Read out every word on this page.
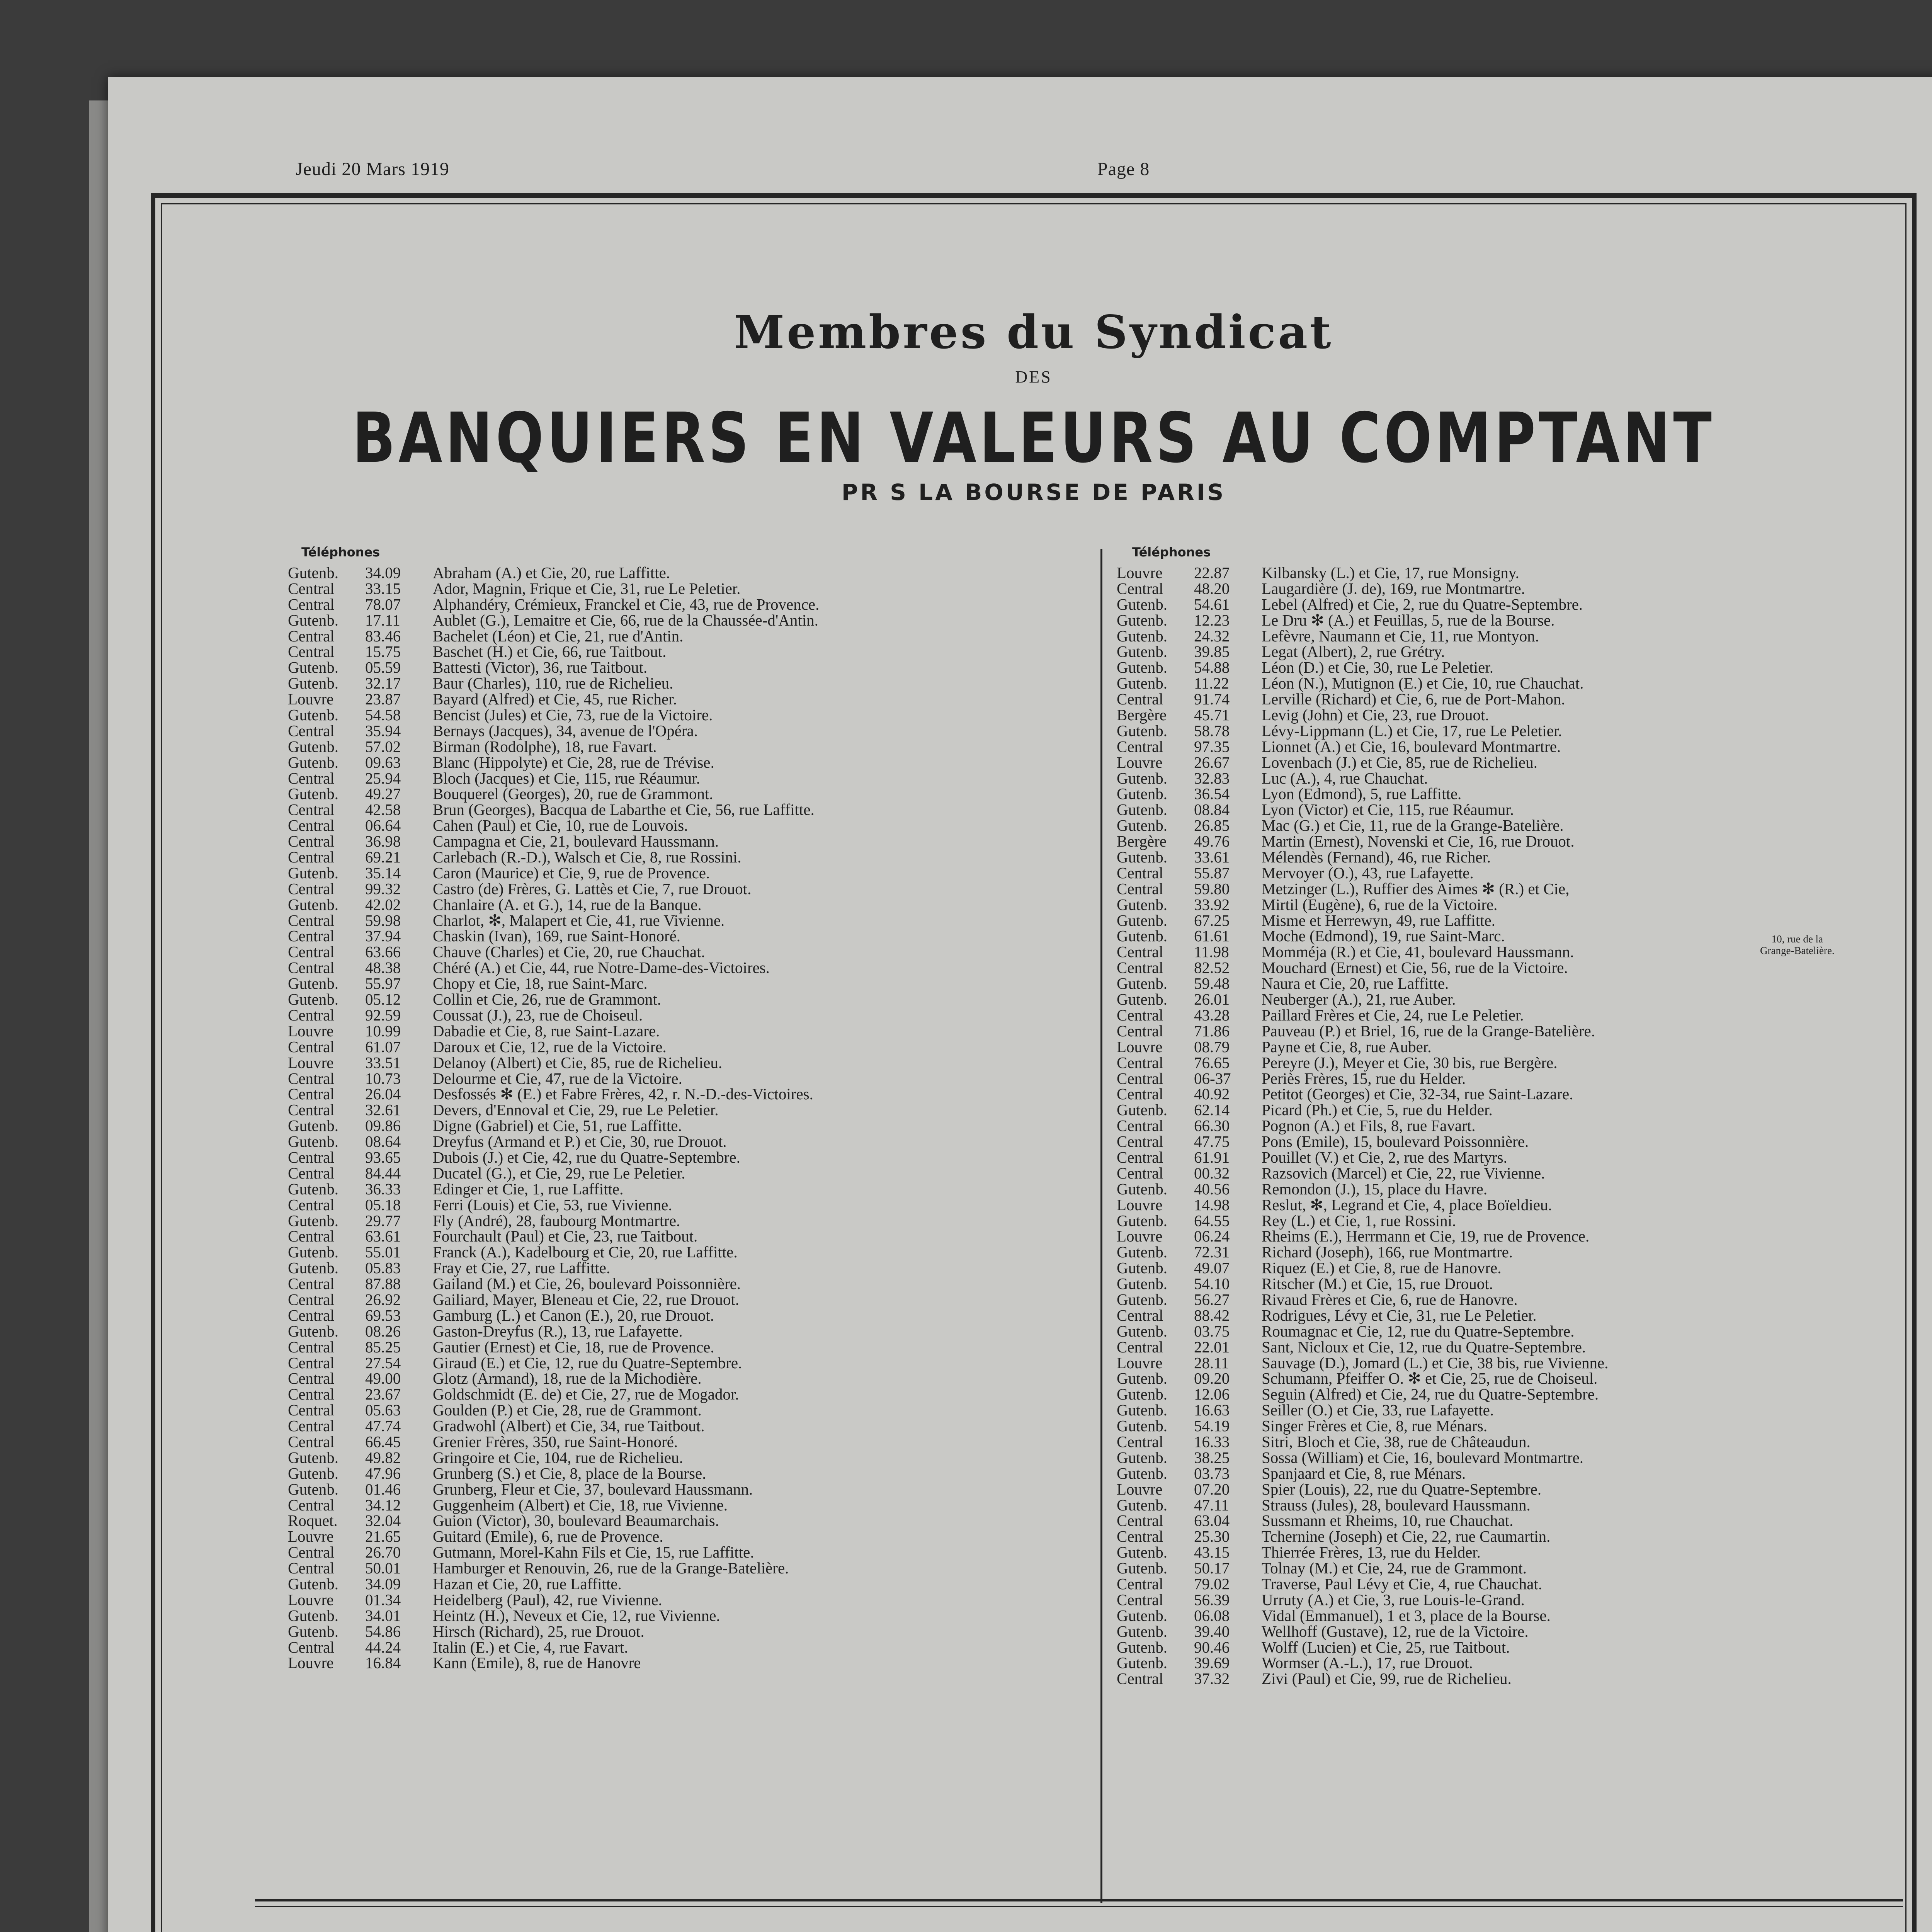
Jeudi 20 Mars 1919	Page 8
Membres du Syndicat
DES
BANQUIERS EN VALEURS AU COMPTANT
PR S LA BOURSE DE PARIS
Téléphones	Téléphones
Gutenb.	34.09	Abraham (A.) et Cie, 20, rue Laffitte.
Central	33.15	Ador, Magnin, Frique et Cie, 31, rue Le Peletier.
Central	78.07	Alphandéry, Crémieux, Franckel et Cie, 43, rue de Provence.
Gutenb.	17.11	Aublet (G.), Lemaitre et Cie, 66, rue de la Chaussée-d'Antin.
Central	83.46	Bachelet (Léon) et Cie, 21, rue d'Antin.
Central	15.75	Baschet (H.) et Cie, 66, rue Taitbout.
Gutenb.	05.59	Battesti (Victor), 36, rue Taitbout.
Gutenb.	32.17	Baur (Charles), 110, rue de Richelieu.
Louvre	23.87	Bayard (Alfred) et Cie, 45, rue Richer.
Gutenb.	54.58	Bencist (Jules) et Cie, 73, rue de la Victoire.
Central	35.94	Bernays (Jacques), 34, avenue de l'Opéra.
Gutenb.	57.02	Birman (Rodolphe), 18, rue Favart.
Gutenb.	09.63	Blanc (Hippolyte) et Cie, 28, rue de Trévise.
Central	25.94	Bloch (Jacques) et Cie, 115, rue Réaumur.
Gutenb.	49.27	Bouquerel (Georges), 20, rue de Grammont.
Central	42.58	Brun (Georges), Bacqua de Labarthe et Cie, 56, rue Laffitte.
Central	06.64	Cahen (Paul) et Cie, 10, rue de Louvois.
Central	36.98	Campagna et Cie, 21, boulevard Haussmann.
Central	69.21	Carlebach (R.-D.), Walsch et Cie, 8, rue Rossini.
Gutenb.	35.14	Caron (Maurice) et Cie, 9, rue de Provence.
Central	99.32	Castro (de) Frères, G. Lattès et Cie, 7, rue Drouot.
Gutenb.	42.02	Chanlaire (A. et G.), 14, rue de la Banque.
Central	59.98	Charlot, ✻, Malapert et Cie, 41, rue Vivienne.
Central	37.94	Chaskin (Ivan), 169, rue Saint-Honoré.
Central	63.66	Chauve (Charles) et Cie, 20, rue Chauchat.
Central	48.38	Chéré (A.) et Cie, 44, rue Notre-Dame-des-Victoires.
Gutenb.	55.97	Chopy et Cie, 18, rue Saint-Marc.
Gutenb.	05.12	Collin et Cie, 26, rue de Grammont.
Central	92.59	Coussat (J.), 23, rue de Choiseul.
Louvre	10.99	Dabadie et Cie, 8, rue Saint-Lazare.
Central	61.07	Daroux et Cie, 12, rue de la Victoire.
Louvre	33.51	Delanoy (Albert) et Cie, 85, rue de Richelieu.
Central	10.73	Delourme et Cie, 47, rue de la Victoire.
Central	26.04	Desfossés ✻ (E.) et Fabre Frères, 42, r. N.-D.-des-Victoires.
Central	32.61	Devers, d'Ennoval et Cie, 29, rue Le Peletier.
Gutenb.	09.86	Digne (Gabriel) et Cie, 51, rue Laffitte.
Gutenb.	08.64	Dreyfus (Armand et P.) et Cie, 30, rue Drouot.
Central	93.65	Dubois (J.) et Cie, 42, rue du Quatre-Septembre.
Central	84.44	Ducatel (G.), et Cie, 29, rue Le Peletier.
Gutenb.	36.33	Edinger et Cie, 1, rue Laffitte.
Central	05.18	Ferri (Louis) et Cie, 53, rue Vivienne.
Gutenb.	29.77	Fly (André), 28, faubourg Montmartre.
Central	63.61	Fourchault (Paul) et Cie, 23, rue Taitbout.
Gutenb.	55.01	Franck (A.), Kadelbourg et Cie, 20, rue Laffitte.
Gutenb.	05.83	Fray et Cie, 27, rue Laffitte.
Central	87.88	Gailand (M.) et Cie, 26, boulevard Poissonnière.
Central	26.92	Gailiard, Mayer, Bleneau et Cie, 22, rue Drouot.
Central	69.53	Gamburg (L.) et Canon (E.), 20, rue Drouot.
Gutenb.	08.26	Gaston-Dreyfus (R.), 13, rue Lafayette.
Central	85.25	Gautier (Ernest) et Cie, 18, rue de Provence.
Central	27.54	Giraud (E.) et Cie, 12, rue du Quatre-Septembre.
Central	49.00	Glotz (Armand), 18, rue de la Michodière.
Central	23.67	Goldschmidt (E. de) et Cie, 27, rue de Mogador.
Central	05.63	Goulden (P.) et Cie, 28, rue de Grammont.
Central	47.74	Gradwohl (Albert) et Cie, 34, rue Taitbout.
Central	66.45	Grenier Frères, 350, rue Saint-Honoré.
Gutenb.	49.82	Gringoire et Cie, 104, rue de Richelieu.
Gutenb.	47.96	Grunberg (S.) et Cie, 8, place de la Bourse.
Gutenb.	01.46	Grunberg, Fleur et Cie, 37, boulevard Haussmann.
Central	34.12	Guggenheim (Albert) et Cie, 18, rue Vivienne.
Roquet.	32.04	Guion (Victor), 30, boulevard Beaumarchais.
Louvre	21.65	Guitard (Emile), 6, rue de Provence.
Central	26.70	Gutmann, Morel-Kahn Fils et Cie, 15, rue Laffitte.
Central	50.01	Hamburger et Renouvin, 26, rue de la Grange-Batelière.
Gutenb.	34.09	Hazan et Cie, 20, rue Laffitte.
Louvre	01.34	Heidelberg (Paul), 42, rue Vivienne.
Gutenb.	34.01	Heintz (H.), Neveux et Cie, 12, rue Vivienne.
Gutenb.	54.86	Hirsch (Richard), 25, rue Drouot.
Central	44.24	Italin (E.) et Cie, 4, rue Favart.
Louvre	16.84	Kann (Emile), 8, rue de Hanovre
Louvre	22.87	Kilbansky (L.) et Cie, 17, rue Monsigny.
Central	48.20	Laugardière (J. de), 169, rue Montmartre.
Gutenb.	54.61	Lebel (Alfred) et Cie, 2, rue du Quatre-Septembre.
Gutenb.	12.23	Le Dru ✻ (A.) et Feuillas, 5, rue de la Bourse.
Gutenb.	24.32	Lefèvre, Naumann et Cie, 11, rue Montyon.
Gutenb.	39.85	Legat (Albert), 2, rue Grétry.
Gutenb.	54.88	Léon (D.) et Cie, 30, rue Le Peletier.
Gutenb.	11.22	Léon (N.), Mutignon (E.) et Cie, 10, rue Chauchat.
Central	91.74	Lerville (Richard) et Cie, 6, rue de Port-Mahon.
Bergère	45.71	Levig (John) et Cie, 23, rue Drouot.
Gutenb.	58.78	Lévy-Lippmann (L.) et Cie, 17, rue Le Peletier.
Central	97.35	Lionnet (A.) et Cie, 16, boulevard Montmartre.
Louvre	26.67	Lovenbach (J.) et Cie, 85, rue de Richelieu.
Gutenb.	32.83	Luc (A.), 4, rue Chauchat.
Gutenb.	36.54	Lyon (Edmond), 5, rue Laffitte.
Gutenb.	08.84	Lyon (Victor) et Cie, 115, rue Réaumur.
Gutenb.	26.85	Mac (G.) et Cie, 11, rue de la Grange-Batelière.
Bergère	49.76	Martin (Ernest), Novenski et Cie, 16, rue Drouot.
Gutenb.	33.61	Mélendès (Fernand), 46, rue Richer.
Central	55.87	Mervoyer (O.), 43, rue Lafayette.
Central	59.80	Metzinger (L.), Ruffier des Aimes ✻ (R.) et Cie,
Gutenb.	33.92	Mirtil (Eugène), 6, rue de la Victoire.
Gutenb.	67.25	Misme et Herrewyn, 49, rue Laffitte.
Gutenb.	61.61	Moche (Edmond), 19, rue Saint-Marc.
Central	11.98	Momméja (R.) et Cie, 41, boulevard Haussmann.
Central	82.52	Mouchard (Ernest) et Cie, 56, rue de la Victoire.
Gutenb.	59.48	Naura et Cie, 20, rue Laffitte.
Gutenb.	26.01	Neuberger (A.), 21, rue Auber.
Central	43.28	Paillard Frères et Cie, 24, rue Le Peletier.
Central	71.86	Pauveau (P.) et Briel, 16, rue de la Grange-Batelière.
Louvre	08.79	Payne et Cie, 8, rue Auber.
Central	76.65	Pereyre (J.), Meyer et Cie, 30 bis, rue Bergère.
Central	06-37	Periès Frères, 15, rue du Helder.
Central	40.92	Petitot (Georges) et Cie, 32-34, rue Saint-Lazare.
Gutenb.	62.14	Picard (Ph.) et Cie, 5, rue du Helder.
Central	66.30	Pognon (A.) et Fils, 8, rue Favart.
Central	47.75	Pons (Emile), 15, boulevard Poissonnière.
Central	61.91	Pouillet (V.) et Cie, 2, rue des Martyrs.
Central	00.32	Razsovich (Marcel) et Cie, 22, rue Vivienne.
Gutenb.	40.56	Remondon (J.), 15, place du Havre.
Louvre	14.98	Reslut, ✻, Legrand et Cie, 4, place Boïeldieu.
Gutenb.	64.55	Rey (L.) et Cie, 1, rue Rossini.
Louvre	06.24	Rheims (E.), Herrmann et Cie, 19, rue de Provence.
Gutenb.	72.31	Richard (Joseph), 166, rue Montmartre.
Gutenb.	49.07	Riquez (E.) et Cie, 8, rue de Hanovre.
Gutenb.	54.10	Ritscher (M.) et Cie, 15, rue Drouot.
Gutenb.	56.27	Rivaud Frères et Cie, 6, rue de Hanovre.
Central	88.42	Rodrigues, Lévy et Cie, 31, rue Le Peletier.
Gutenb.	03.75	Roumagnac et Cie, 12, rue du Quatre-Septembre.
Central	22.01	Sant, Nicloux et Cie, 12, rue du Quatre-Septembre.
Louvre	28.11	Sauvage (D.), Jomard (L.) et Cie, 38 bis, rue Vivienne.
Gutenb.	09.20	Schumann, Pfeiffer O. ✻ et Cie, 25, rue de Choiseul.
Gutenb.	12.06	Seguin (Alfred) et Cie, 24, rue du Quatre-Septembre.
Gutenb.	16.63	Seiller (O.) et Cie, 33, rue Lafayette.
Gutenb.	54.19	Singer Frères et Cie, 8, rue Ménars.
Central	16.33	Sitri, Bloch et Cie, 38, rue de Châteaudun.
Gutenb.	38.25	Sossa (William) et Cie, 16, boulevard Montmartre.
Gutenb.	03.73	Spanjaard et Cie, 8, rue Ménars.
Louvre	07.20	Spier (Louis), 22, rue du Quatre-Septembre.
Gutenb.	47.11	Strauss (Jules), 28, boulevard Haussmann.
Central	63.04	Sussmann et Rheims, 10, rue Chauchat.
Central	25.30	Tchernine (Joseph) et Cie, 22, rue Caumartin.
Gutenb.	43.15	Thierrée Frères, 13, rue du Helder.
Gutenb.	50.17	Tolnay (M.) et Cie, 24, rue de Grammont.
Central	79.02	Traverse, Paul Lévy et Cie, 4, rue Chauchat.
Central	56.39	Urruty (A.) et Cie, 3, rue Louis-le-Grand.
Gutenb.	06.08	Vidal (Emmanuel), 1 et 3, place de la Bourse.
Gutenb.	39.40	Wellhoff (Gustave), 12, rue de la Victoire.
Gutenb.	90.46	Wolff (Lucien) et Cie, 25, rue Taitbout.
Gutenb.	39.69	Wormser (A.-L.), 17, rue Drouot.
Central	37.32	Zivi (Paul) et Cie, 99, rue de Richelieu.
10, rue de la
Grange-Batelière.
